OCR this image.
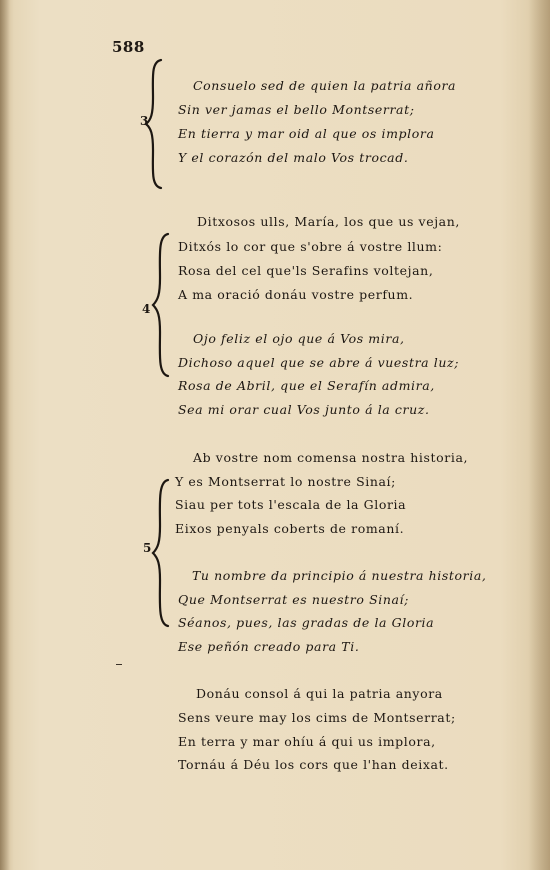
588
3
Consuelo sed de quien la patria añora
Sin ver jamas el bello Montserrat;
En tierra y mar oid al que os implora
Y el corazón del malo Vos trocad.
4
Ditxosos ulls, María, los que us vejan,
Ditxós lo cor que s'obre á vostre llum:
Rosa del cel que'ls Serafins voltejan,
A ma oració donáu vostre perfum.
Ojo feliz el ojo que á Vos mira,
Dichoso aquel que se abre á vuestra luz;
Rosa de Abril, que el Serafín admira,
Sea mi orar cual Vos junto á la cruz.
5
Ab vostre nom comensa nostra historia,
Y es Montserrat lo nostre Sinaí;
Siau per tots l'escala de la Gloria
Eixos penyals coberts de romaní.
Tu nombre da principio á nuestra historia,
Que Montserrat es nuestro Sinaí;
Séanos, pues, las gradas de la Gloria
Ese peñón creado para Ti.
Donáu consol á qui la patria anyora
Sens veure may los cims de Montserrat;
En terra y mar ohíu á qui us implora,
Tornáu á Déu los cors que l'han deixat.
